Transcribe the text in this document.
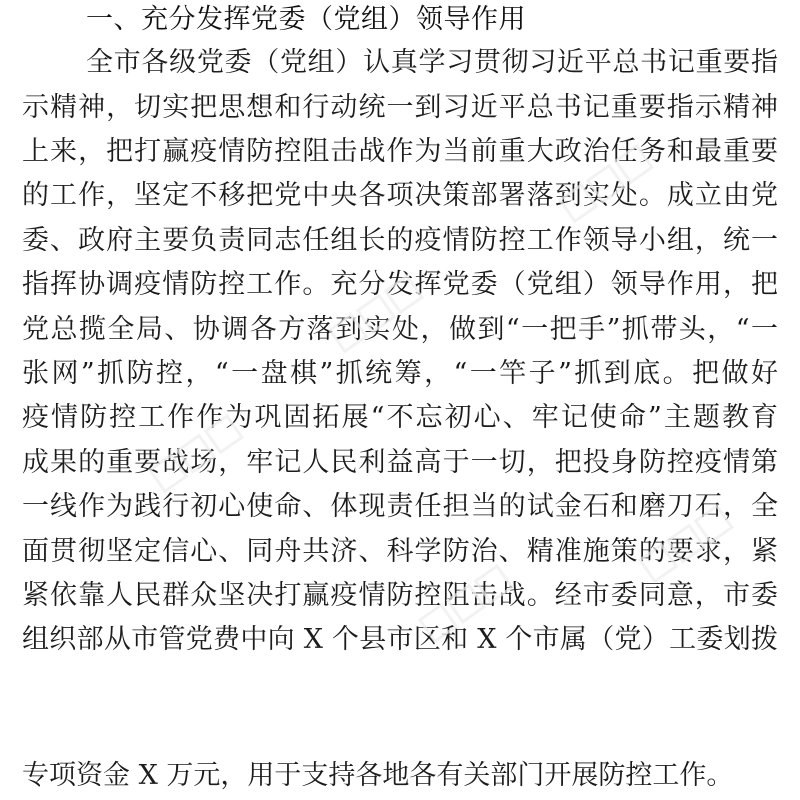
一、充分发挥党委（党组）领导作用
全市各级党委（党组）认真学习贯彻习近平总书记重要指
示精神，切实把思想和行动统一到习近平总书记重要指示精神
上来，把打赢疫情防控阻击战作为当前重大政治任务和最重要
的工作，坚定不移把党中央各项决策部署落到实处。成立由党
委、政府主要负责同志任组长的疫情防控工作领导小组，统一
指挥协调疫情防控工作。充分发挥党委（党组）领导作用，把
党总揽全局、协调各方落到实处，做到“一把手”抓带头，“一
张网”抓防控，“一盘棋”抓统筹，“一竿子”抓到底。把做好
疫情防控工作作为巩固拓展“不忘初心、牢记使命”主题教育
成果的重要战场，牢记人民利益高于一切，把投身防控疫情第
一线作为践行初心使命、体现责任担当的试金石和磨刀石，全
面贯彻坚定信心、同舟共济、科学防治、精准施策的要求，紧
紧依靠人民群众坚决打赢疫情防控阻击战。经市委同意，市委
组织部从市管党费中向 X 个县市区和 X 个市属（党）工委划拨
专项资金 X 万元，用于支持各地各有关部门开展防控工作。
